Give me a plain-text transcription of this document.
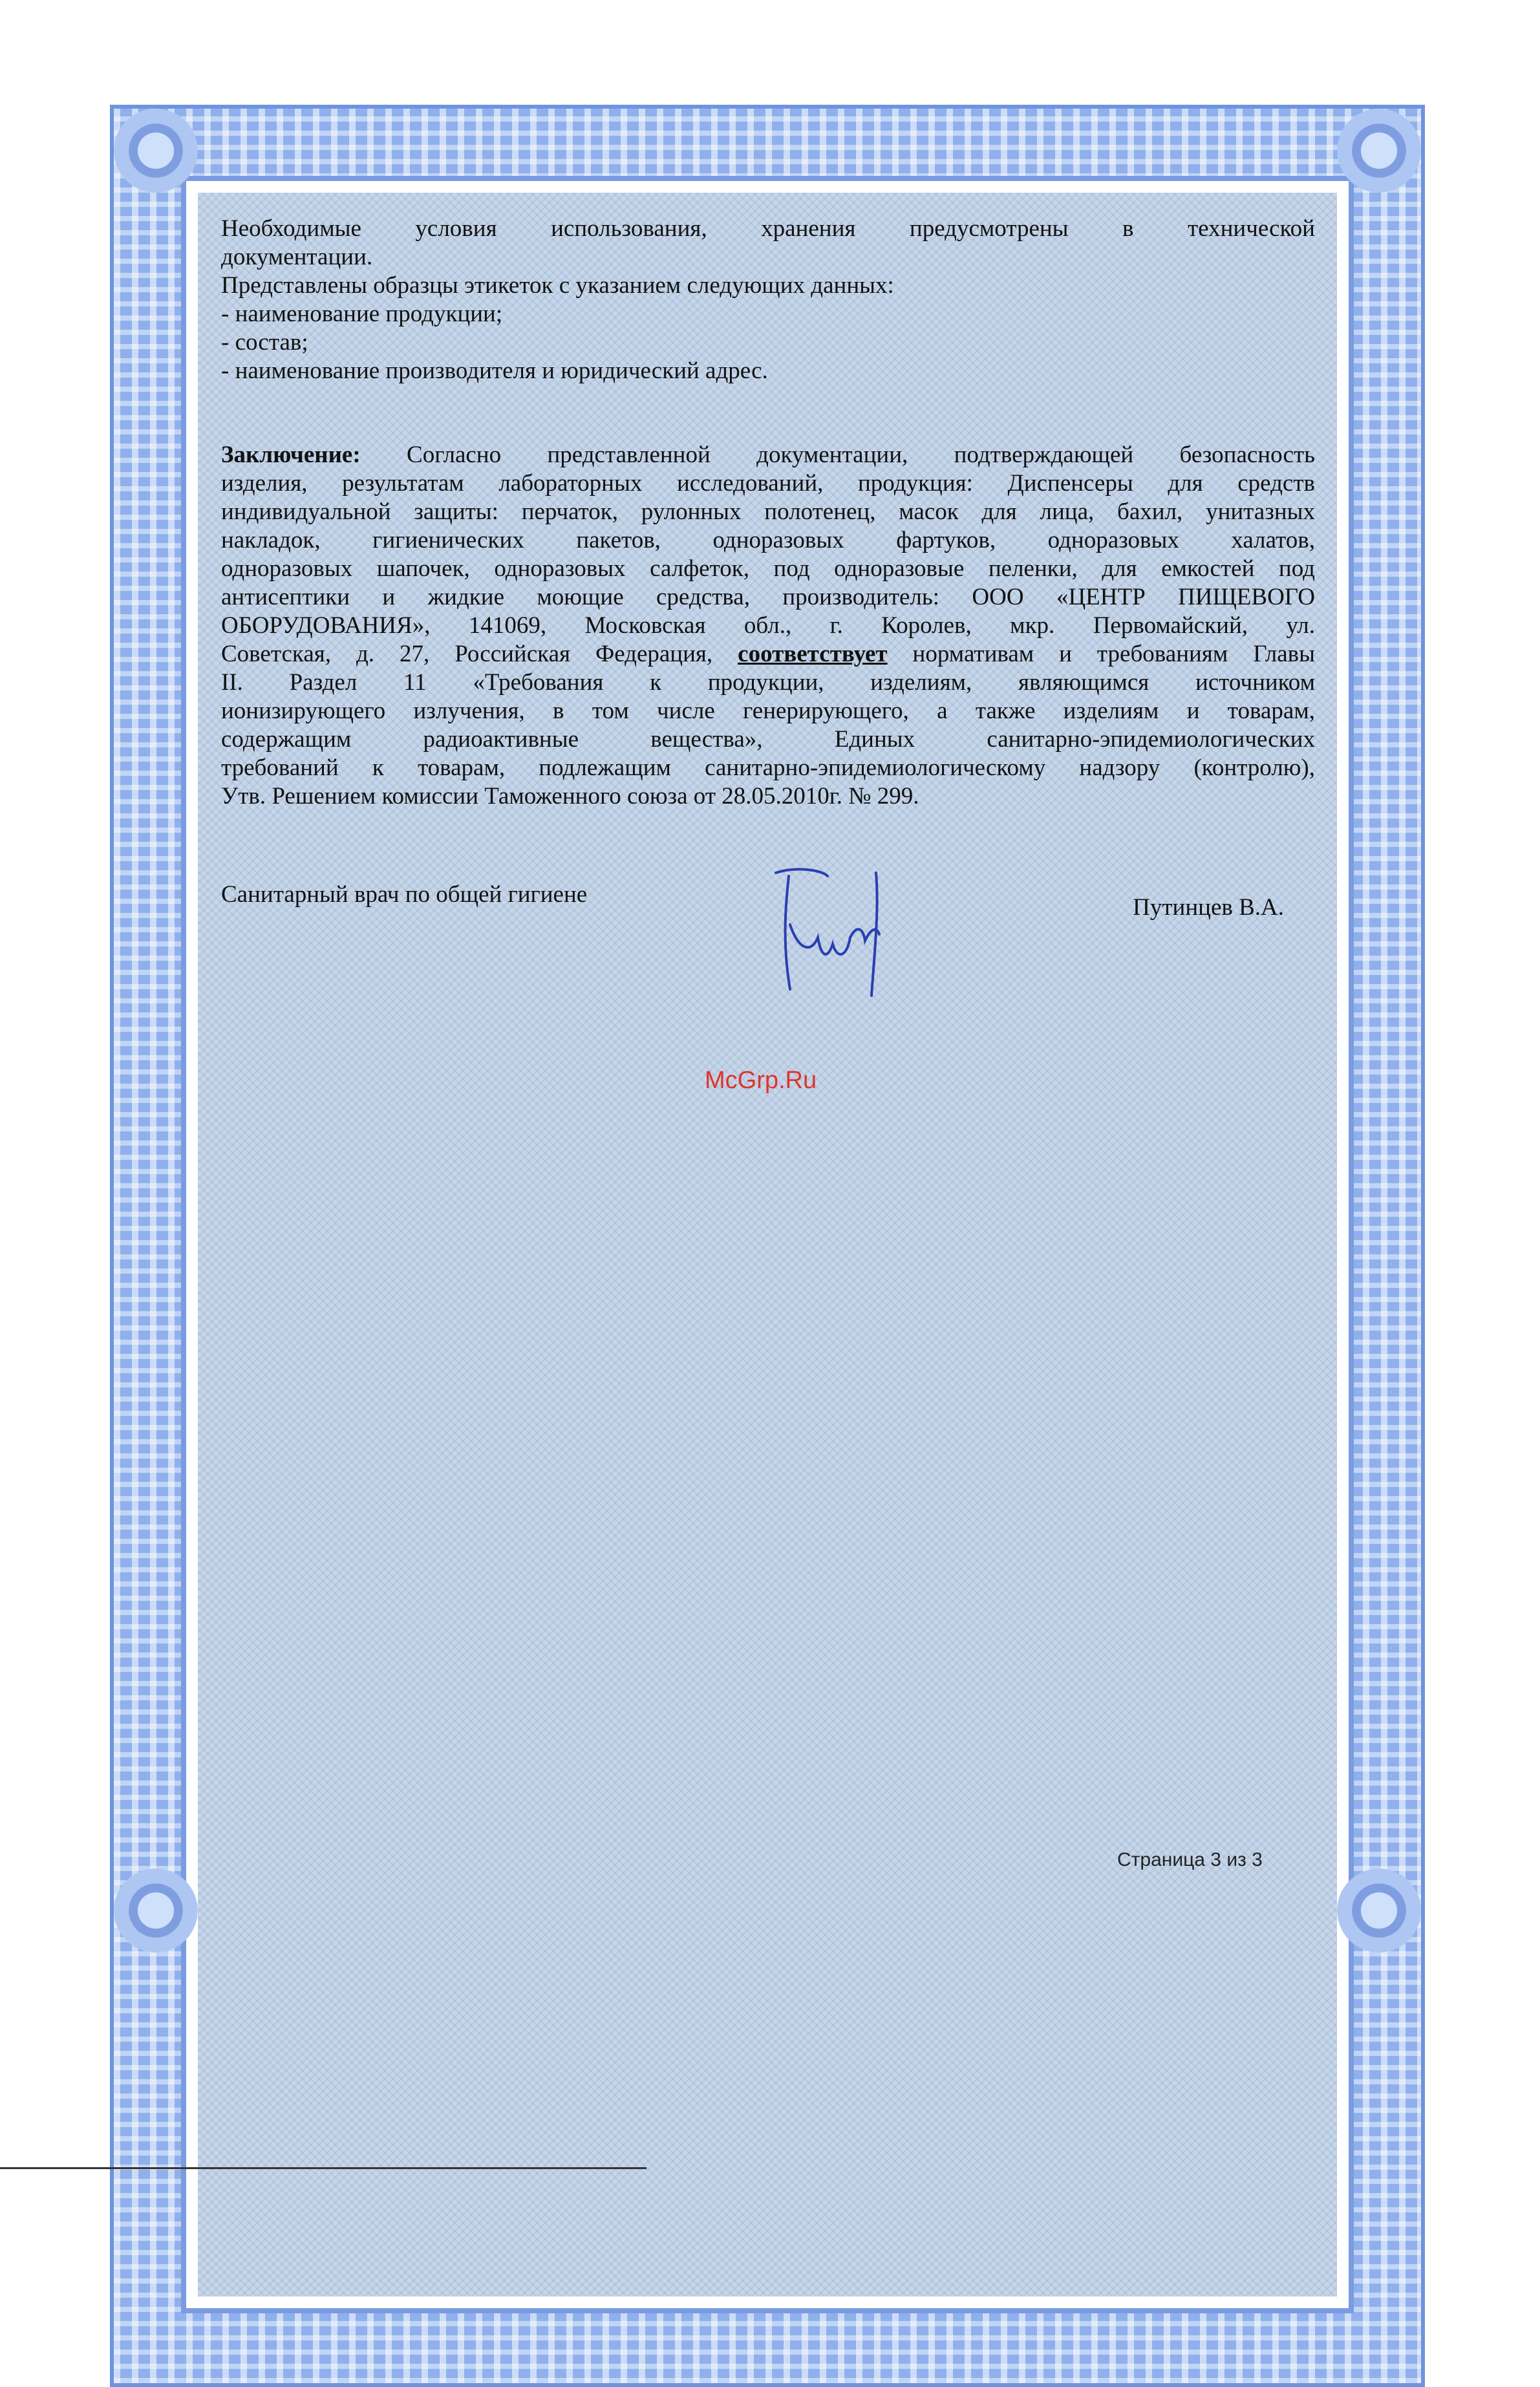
Необходимые условия использования, хранения предусмотрены в технической
документации.
Представлены образцы этикеток с указанием следующих данных:
- наименование продукции;
- состав;
- наименование производителя и юридический адрес.
Заключение: Согласно представленной документации, подтверждающей безопасность
изделия, результатам лабораторных исследований, продукция: Диспенсеры для средств
индивидуальной защиты: перчаток, рулонных полотенец, масок для лица, бахил, унитазных
накладок, гигиенических пакетов, одноразовых фартуков, одноразовых халатов,
одноразовых шапочек, одноразовых салфеток, под одноразовые пеленки, для емкостей под
антисептики и жидкие моющие средства, производитель: ООО «ЦЕНТР ПИЩЕВОГО
ОБОРУДОВАНИЯ», 141069, Московская обл., г. Королев, мкр. Первомайский, ул.
Советская, д. 27, Российская Федерация, соответствует нормативам и требованиям Главы
II. Раздел 11 «Требования к продукции, изделиям, являющимся источником
ионизирующего излучения, в том числе генерирующего, а также изделиям и товарам,
содержащим радиоактивные вещества», Единых санитарно-эпидемиологических
требований к товарам, подлежащим санитарно-эпидемиологическому надзору (контролю),
Утв. Решением комиссии Таможенного союза от 28.05.2010г. № 299.
Санитарный врач по общей гигиене	Путинцев В.А.
McGrp.Ru
Страница 3 из 3
